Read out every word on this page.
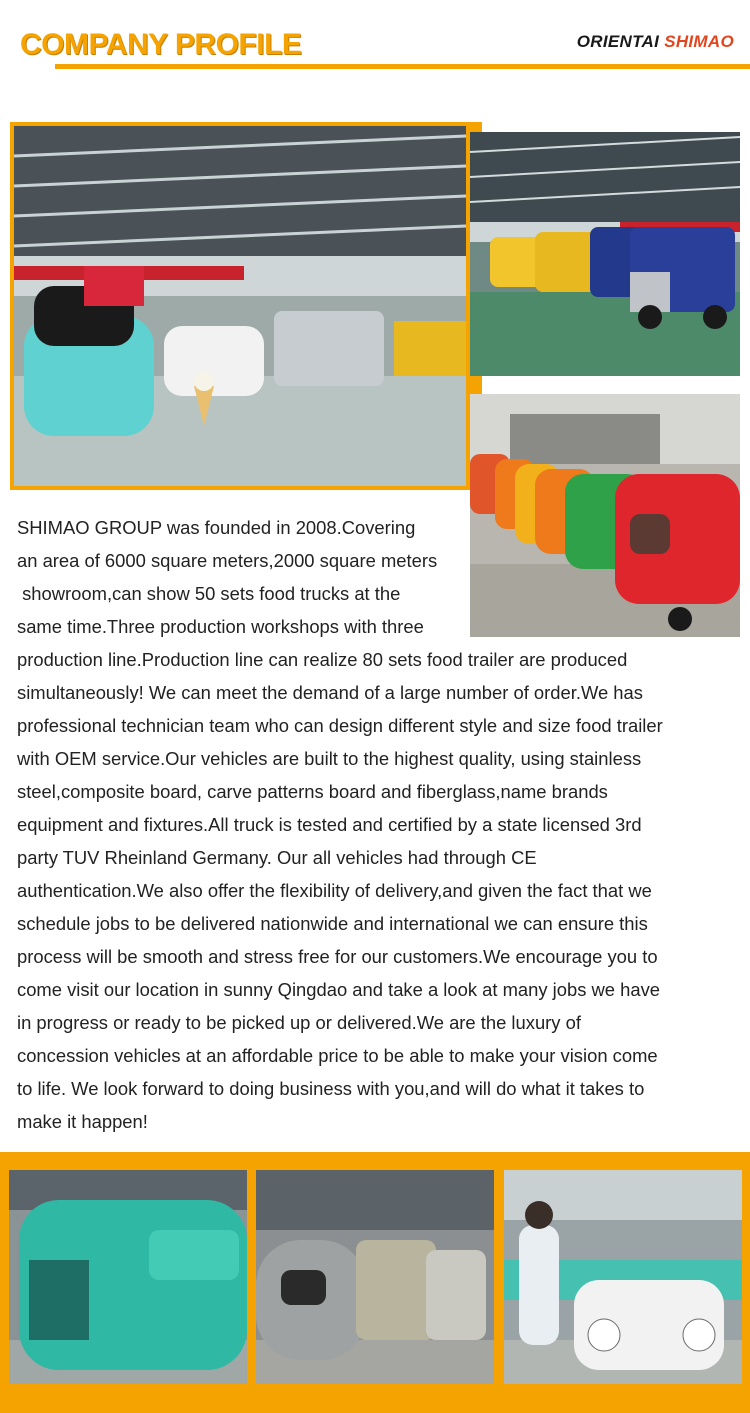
COMPANY PROFILE	ORIENTAI SHIMAO
SHIMAO GROUP was founded in 2008.Covering
an area of 6000 square meters,2000 square meters
showroom,can show 50 sets food trucks at the
same time.Three production workshops with three
production line.Production line can realize 80 sets food trailer are produced
simultaneously! We can meet the demand of a large number of order.We has
professional technician team who can design different style and size food trailer
with OEM service.Our vehicles are built to the highest quality, using stainless
steel,composite board, carve patterns board and fiberglass,name brands
equipment and fixtures.All truck is tested and certified by a state licensed 3rd
party TUV Rheinland Germany. Our all vehicles had through CE
authentication.We also offer the flexibility of delivery,and given the fact that we
schedule jobs to be delivered nationwide and international we can ensure this
process will be smooth and stress free for our customers.We encourage you to
come visit our location in sunny Qingdao and take a look at many jobs we have
in progress or ready to be picked up or delivered.We are the luxury of
concession vehicles at an affordable price to be able to make your vision come
to life. We look forward to doing business with you,and will do what it takes to
make it happen!
